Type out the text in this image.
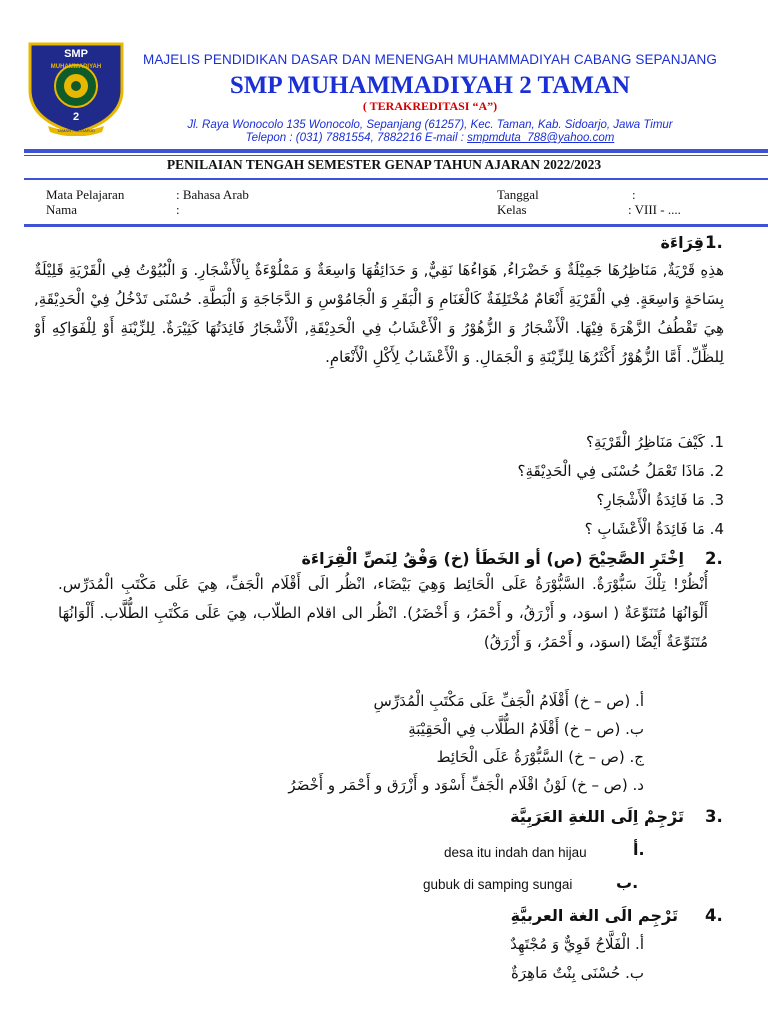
SMP
MUHAMMADIYAH
2
TAMAN - SIDOARJO
MAJELIS PENDIDIKAN DASAR DAN MENENGAH MUHAMMADIYAH CABANG SEPANJANG
SMP MUHAMMADIYAH 2 TAMAN
( TERAKREDITASI “A”)
Jl. Raya Wonocolo 135 Wonocolo, Sepanjang (61257), Kec. Taman, Kab. Sidoarjo, Jawa Timur
Telepon : (031) 7881554, 7882216 E-mail : smpmduta_788@yahoo.com
PENILAIAN TENGAH SEMESTER GENAP TAHUN AJARAN 2022/2023
Mata Pelajaran	: Bahasa Arab
Nama	:
Tanggal	:
Kelas	: VIII - ....
1.
قِرَاءَة
هذِهِ قَرْيَةٌ, مَنَاظِرُهَا جَمِيْلَةٌ وَ خَضْرَاءُ, هَوَاءُهَا نَقِيٌّ, وَ حَدَائِقُهَا وَاسِعَةٌ وَ مَمْلُوْءَةٌ بِالْأَشْجَارِ. وَ الْبُيُوْتُ فِي الْقَرْيَةِ قَلِيْلَةٌ بِسَاحَةٍ وَاسِعَةٍ. فِي الْقَرْيَةِ أَنْعَامٌ مُخْتَلِفَةٌ كَالْغَنَامِ وَ الْبَقَرِ وَ الْجَامُوْسِ وَ الدَّجَاجَةِ وَ الْبَطَّةِ. حُسْنَى تَدْخُلُ فِيْ الْحَدِيْقَةِ, هِيَ تَقْطُفُ الزَّهْرَةَ فِيْهَا. الْأَشْجَارُ وَ الزُّهُوْرُ وَ الْأَعْشَابُ فِي الْحَدِيْقَةِ, الْأَشْجَارُ فَائِدَتُهَا كَثِيْرَةٌ. لِلزِّيْنَةِ أَوْ لِلْفَوَاكِهِ أَوْ لِلظِّلِّ. أَمَّا الزُّهُوْرُ أَكْثَرُهَا لِلزِّيْنَةِ وَ الْجَمَالِ. وَ الْأَعْشَابُ لِأَكْلِ الْأَنْعَامِ.
1. كَيْفَ مَنَاظِرُ الْقَرْيَةِ؟
2. مَاذَا تَعْمَلُ حُسْنَى فِي الْحَدِيْقَةِ؟
3. مَا فَائِدَةُ الْأَشْجَارِ؟
4. مَا فَائِدَةُ الْأَعْشَابِ ؟
2.
اِخْتَرِ الصَّحِيْحَ (ص) أو الخَطَأ (خ) وَفْقُ لِنَصِّ الْقِرَاءَة
أُنْظُرْ! تِلْكَ سَبُّوْرَةٌ. السَّبُّوْرَةُ عَلَى الْحَائِط وَهِيَ بَيْضَاء، انْظُر الَى أَقْلَام الْجَفِّ، هِيَ عَلَى مَكْتَبِ الْمُدَرِّس. أَلْوَانُهَا مُتَنَوِّعَةٌ ( اسوَد، و أَزْرَقُ، و أَحْمَرُ، وَ أَخْضَرُ). انْظُر الى اقلام الطلّاب، هِيَ عَلَى مَكْتَبِ الطُّلَّاب. أَلْوَانُهَا مُتَنَوِّعَةٌ أَيْضًا (اسوَد، و أَحْمَرُ، وَ أَزْرَقُ)
أ. (ص – خ) أَقْلَامُ الْجَفِّ عَلَى مَكْتَبِ الْمُدَرِّسِ
ب. (ص – خ) أَقْلَامُ الطُّلَّاب فِي الْحَقِيْبَةِ
ج. (ص – خ) السَّبُّوْرَةُ عَلَى الْحَائِط
د. (ص – خ) لَوْنُ اقْلَام الْجَفِّ أَسْوَد و أَزْرَق و أَحْمَر و أَخْضَرُ
3.
تَرْجِمْ اِلَى اللغةِ العَرَبِيَّة
أ.
desa itu indah dan hijau
ب.
gubuk di samping sungai
4.
تَرْجِم الَى الغة العربيَّةِ
أ. الْفَلَّاحُ قَوِيٌّ وَ مُجْتَهِدٌ
ب. حُسْنَى بِنْتٌ مَاهِرَةٌ
